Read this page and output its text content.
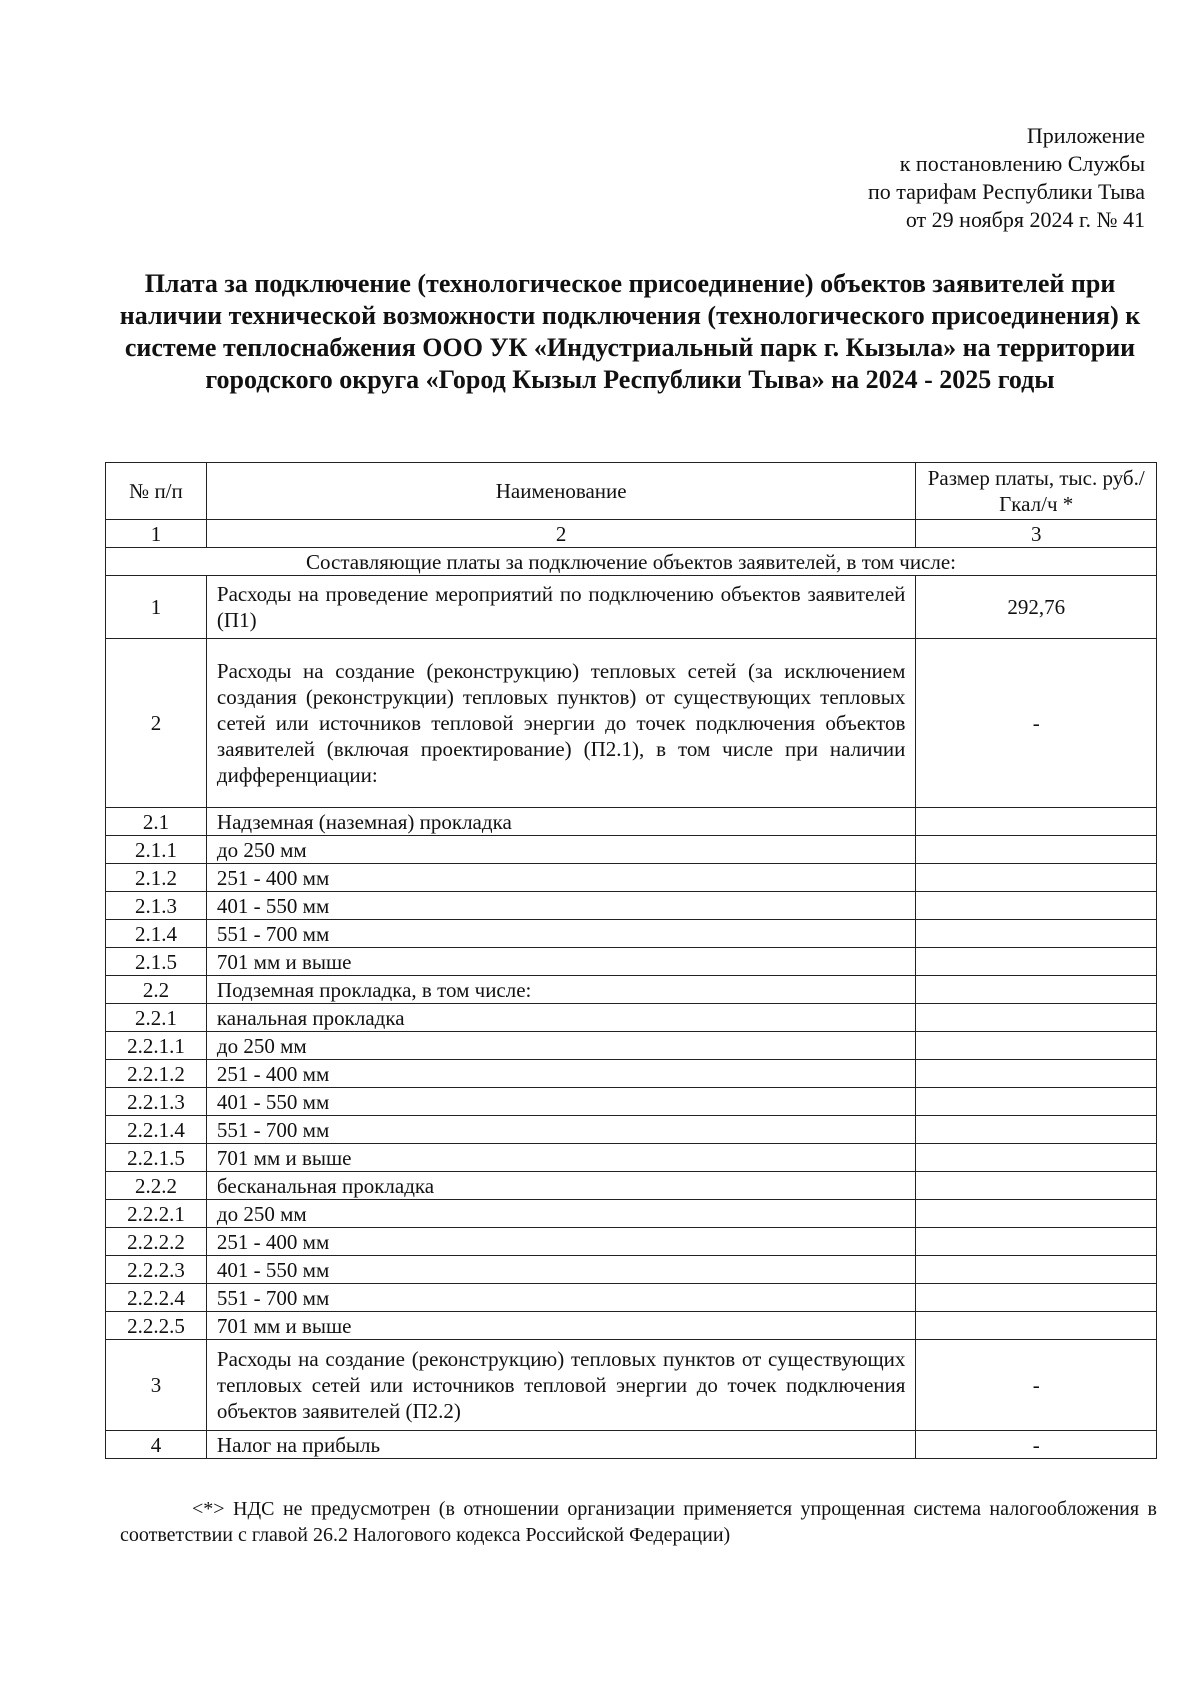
Приложение
к постановлению Службы
по тарифам Республики Тыва
от 29 ноября 2024 г. № 41
Плата за подключение (технологическое присоединение) объектов заявителей при наличии технической возможности подключения (технологического присоединения) к системе теплоснабжения ООО УК «Индустриальный парк г. Кызыла» на территории городского округа «Город Кызыл Республики Тыва» на 2024 - 2025 годы
№ п/п	Наименование	Размер платы, тыс. руб./Гкал/ч *
1	2	3
Составляющие платы за подключение объектов заявителей, в том числе:		
1	Расходы на проведение мероприятий по подключению объектов заявителей (П1)	292,76
2	Расходы на создание (реконструкцию) тепловых сетей (за исключением создания (реконструкции) тепловых пунктов) от существующих тепловых сетей или источников тепловой энергии до точек подключения объектов заявителей (включая проектирование) (П2.1), в том числе при наличии дифференциации:	-
2.1	Надземная (наземная) прокладка	
2.1.1	до 250 мм	
2.1.2	251 - 400 мм	
2.1.3	401 - 550 мм	
2.1.4	551 - 700 мм	
2.1.5	701 мм и выше	
2.2	Подземная прокладка, в том числе:	
2.2.1	канальная прокладка	
2.2.1.1	до 250 мм	
2.2.1.2	251 - 400 мм	
2.2.1.3	401 - 550 мм	
2.2.1.4	551 - 700 мм	
2.2.1.5	701 мм и выше	
2.2.2	бесканальная прокладка	
2.2.2.1	до 250 мм	
2.2.2.2	251 - 400 мм	
2.2.2.3	401 - 550 мм	
2.2.2.4	551 - 700 мм	
2.2.2.5	701 мм и выше	
3	Расходы на создание (реконструкцию) тепловых пунктов от существующих тепловых сетей или источников тепловой энергии до точек подключения объектов заявителей (П2.2)	-
4	Налог на прибыль	-
<*> НДС не предусмотрен (в отношении организации применяется упрощенная система налогообложения в соответствии с главой 26.2 Налогового кодекса Российской Федерации)
